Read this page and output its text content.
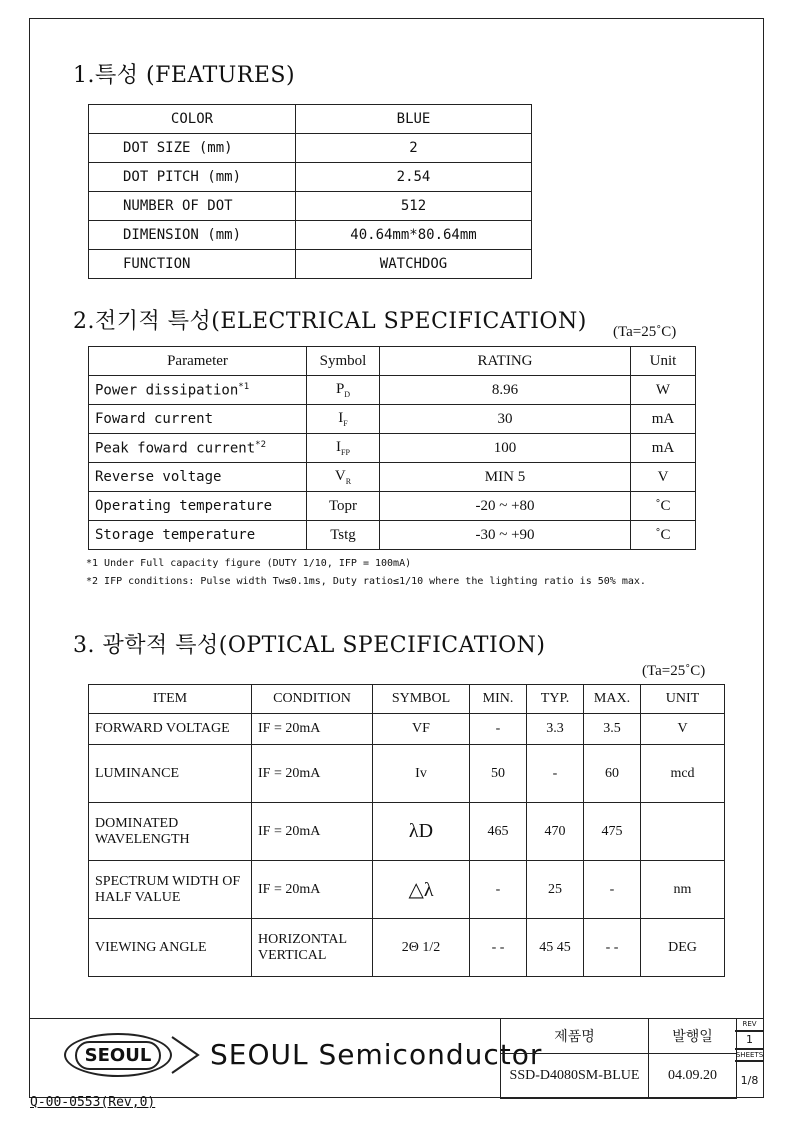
1.특성 (FEATURES)
COLOR	BLUE
DOT SIZE (mm)	2
DOT PITCH (mm)	2.54
NUMBER OF DOT	512
DIMENSION (mm)	40.64mm*80.64mm
FUNCTION	WATCHDOG
2.전기적 특성(ELECTRICAL SPECIFICATION) (Ta=25˚C)
Parameter	Symbol	RATING	Unit
Power dissipation$^{*1}$	$P_D$	8.96	W
Foward current	$I_F$	30	mA
Peak foward current$^{*2}$	$I_{FP}$	100	mA
Reverse voltage	$V_R$	MIN 5	V
Operating temperature	Topr	-20 ~ +80	˚C
Storage temperature	Tstg	-30 ~ +90	˚C
*1 Under Full capacity figure (DUTY 1/10, IFP = 100mA)
*2 IFP conditions: Pulse width Tw≤0.1ms, Duty ratio≤1/10 where the lighting ratio is 50% max.
3. 광학적 특성(OPTICAL SPECIFICATION)
(Ta=25˚C)
ITEM	CONDITION	SYMBOL	MIN.	TYP.	MAX.	UNIT
FORWARD VOLTAGE	IF = 20mA	VF	-	3.3	3.5	V
LUMINANCE	IF = 20mA	Iv	50	-	60	mcd
DOMINATED WAVELENGTH	IF = 20mA	λD	465	470	475	
SPECTRUM WIDTH OF HALF VALUE	IF = 20mA	△λ	-	25	-	nm
VIEWING ANGLE	HORIZONTAL VERTICAL	2Θ 1/2	- -	45 45	- -	DEG
SEOUL	SEOUL Semiconductor
제품명	발행일
SSD-D4080SM-BLUE	04.09.20
REV
1
SHEETS
1/8
Q-00-0553(Rev,0)
